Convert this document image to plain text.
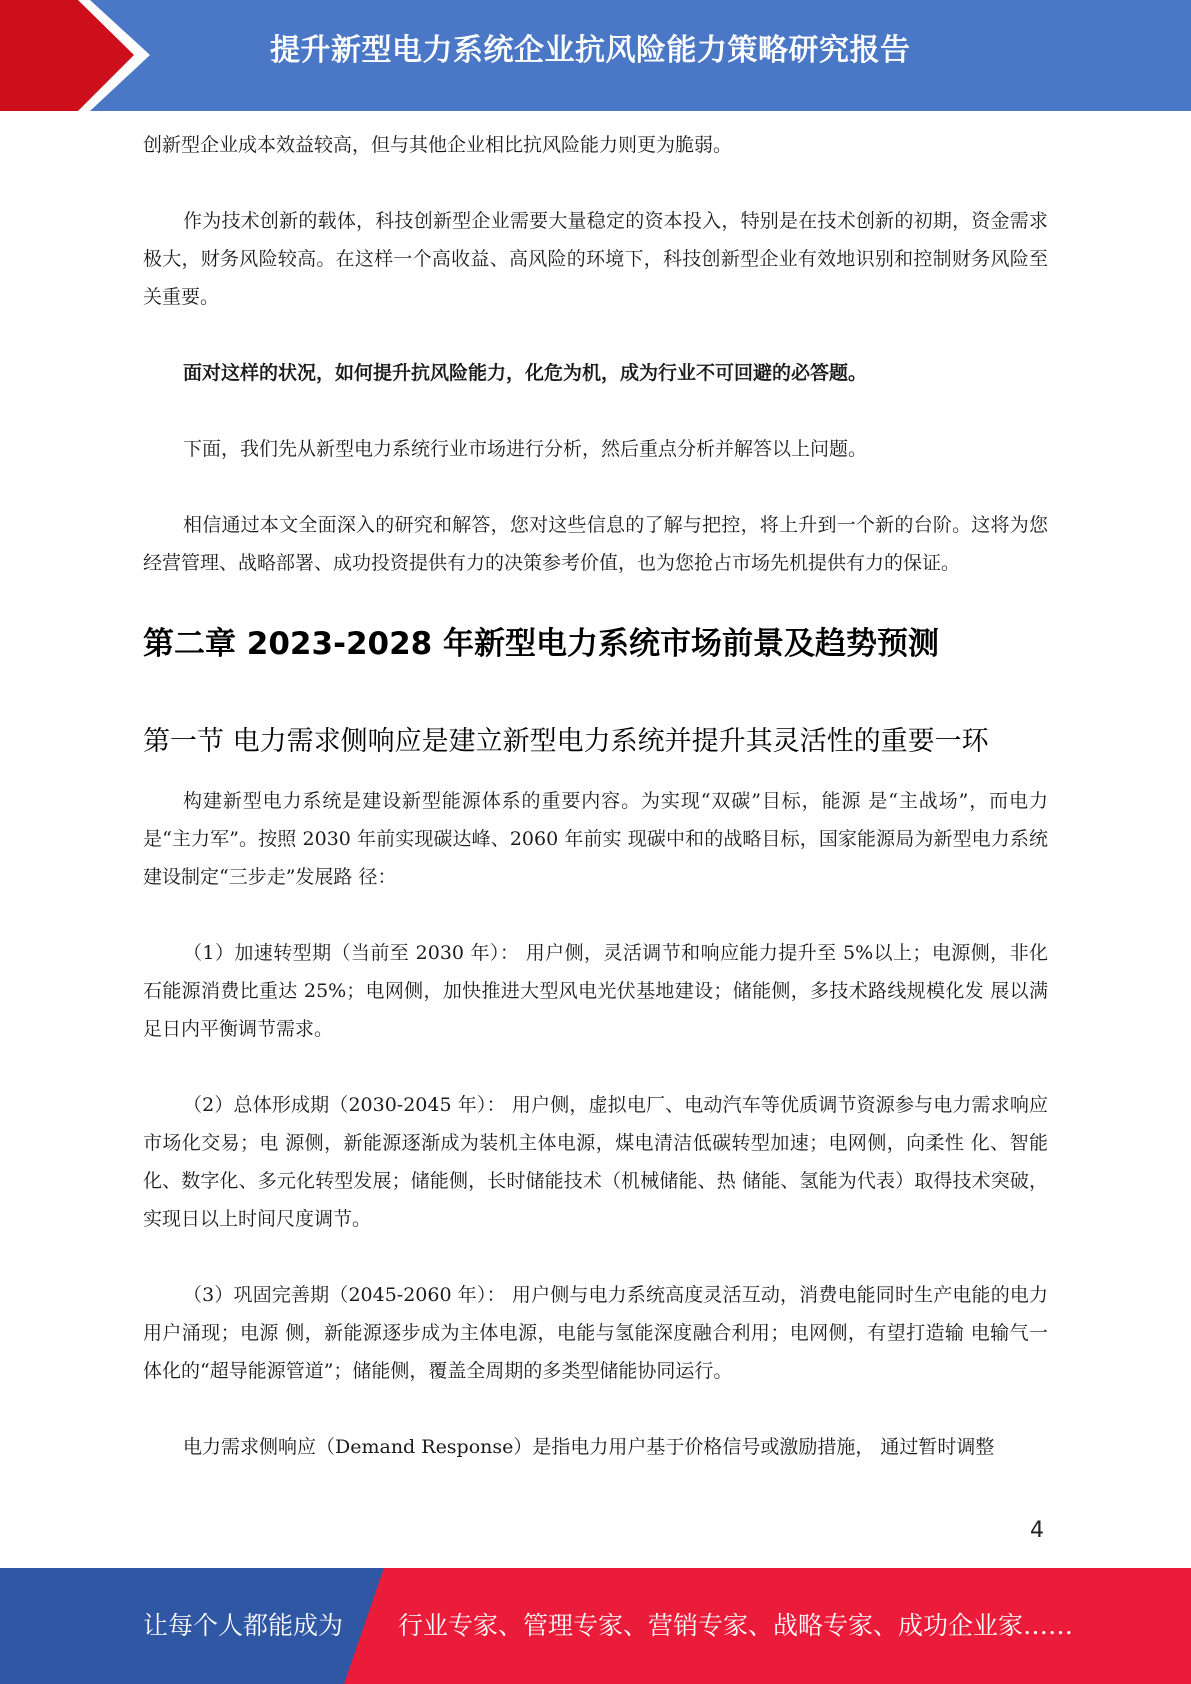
提升新型电力系统企业抗风险能力策略研究报告

创新型企业成本效益较高，但与其他企业相比抗风险能力则更为脆弱。

作为技术创新的载体，科技创新型企业需要大量稳定的资本投入，特别是在技术创新的初期，资金需求极大，财务风险较高。在这样一个高收益、高风险的环境下，科技创新型企业有效地识别和控制财务风险至关重要。

面对这样的状况，如何提升抗风险能力，化危为机，成为行业不可回避的必答题。

下面，我们先从新型电力系统行业市场进行分析，然后重点分析并解答以上问题。

相信通过本文全面深入的研究和解答，您对这些信息的了解与把控，将上升到一个新的台阶。这将为您经营管理、战略部署、成功投资提供有力的决策参考价值，也为您抢占市场先机提供有力的保证。

第二章 2023-2028 年新型电力系统市场前景及趋势预测
第一节 电力需求侧响应是建立新型电力系统并提升其灵活性的重要一环

构建新型电力系统是建设新型能源体系的重要内容。为实现“双碳”目标，能源 是“主战场”，而电力是“主力军”。按照 2030 年前实现碳达峰、2060 年前实 现碳中和的战略目标，国家能源局为新型电力系统建设制定“三步走”发展路 径：

（1）加速转型期（当前至 2030 年）： 用户侧，灵活调节和响应能力提升至 5%以上；电源侧，非化石能源消费比重达 25%；电网侧，加快推进大型风电光伏基地建设；储能侧，多技术路线规模化发 展以满足日内平衡调节需求。

（2）总体形成期（2030-2045 年）： 用户侧，虚拟电厂、电动汽车等优质调节资源参与电力需求响应市场化交易；电 源侧，新能源逐渐成为装机主体电源，煤电清洁低碳转型加速；电网侧，向柔性 化、智能化、数字化、多元化转型发展；储能侧，长时储能技术（机械储能、热 储能、氢能为代表）取得技术突破，实现日以上时间尺度调节。

（3）巩固完善期（2045-2060 年）： 用户侧与电力系统高度灵活互动，消费电能同时生产电能的电力用户涌现；电源 侧，新能源逐步成为主体电源，电能与氢能深度融合利用；电网侧，有望打造输 电输气一体化的“超导能源管道”；储能侧，覆盖全周期的多类型储能协同运行。

电力需求侧响应（Demand Response）是指电力用户基于价格信号或激励措施， 通过暂时调整

4
让每个人都能成为 行业专家、管理专家、营销专家、战略专家、成功企业家……
